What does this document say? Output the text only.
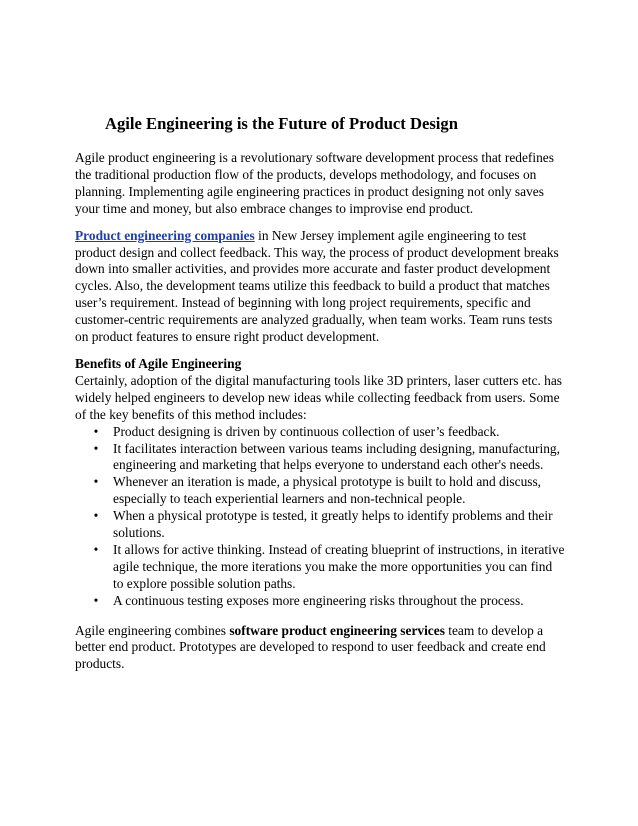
Agile Engineering is the Future of Product Design

Agile product engineering is a revolutionary software development process that redefines the traditional production flow of the products, develops methodology, and focuses on planning. Implementing agile engineering practices in product designing not only saves your time and money, but also embrace changes to improvise end product.

Product engineering companies in New Jersey implement agile engineering to test product design and collect feedback. This way, the process of product development breaks down into smaller activities, and provides more accurate and faster product development cycles. Also, the development teams utilize this feedback to build a product that matches user’s requirement. Instead of beginning with long project requirements, specific and customer-centric requirements are analyzed gradually, when team works. Team runs tests on product features to ensure right product development.

Benefits of Agile Engineering
Certainly, adoption of the digital manufacturing tools like 3D printers, laser cutters etc. has widely helped engineers to develop new ideas while collecting feedback from users. Some of the key benefits of this method includes:
• Product designing is driven by continuous collection of user’s feedback.
• It facilitates interaction between various teams including designing, manufacturing, engineering and marketing that helps everyone to understand each other's needs.
• Whenever an iteration is made, a physical prototype is built to hold and discuss, especially to teach experiential learners and non-technical people.
• When a physical prototype is tested, it greatly helps to identify problems and their solutions.
• It allows for active thinking. Instead of creating blueprint of instructions, in iterative agile technique, the more iterations you make the more opportunities you can find to explore possible solution paths.
• A continuous testing exposes more engineering risks throughout the process.

Agile engineering combines software product engineering services team to develop a better end product. Prototypes are developed to respond to user feedback and create end products.
